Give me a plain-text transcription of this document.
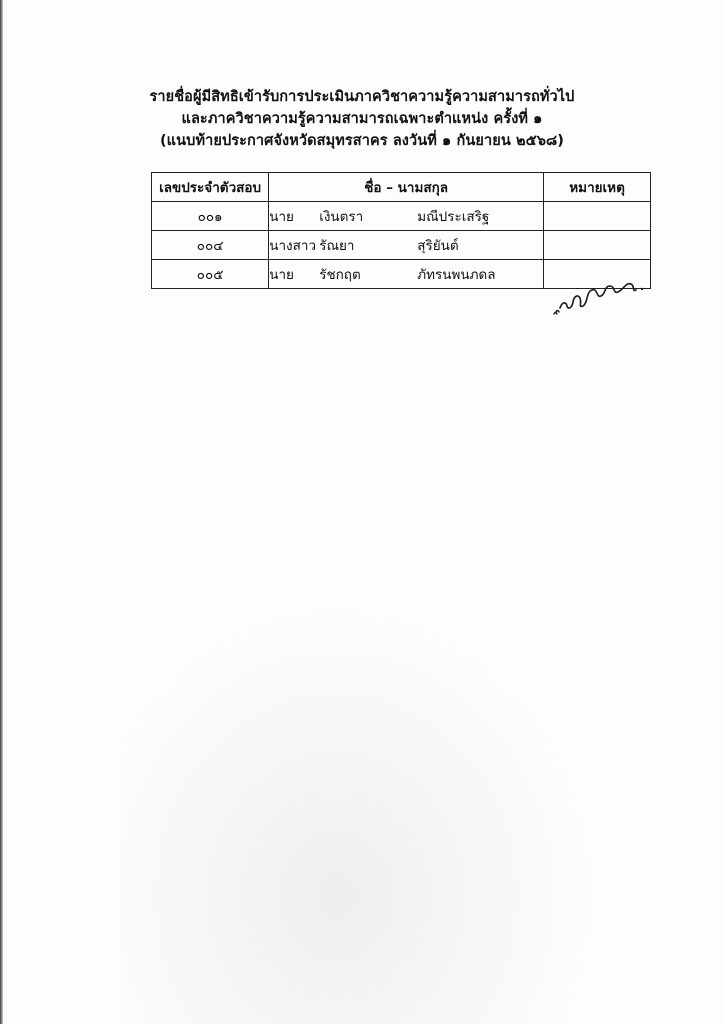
รายชื่อผู้มีสิทธิเข้ารับการประเมินภาควิชาความรู้ความสามารถทั่วไป
และภาควิชาความรู้ความสามารถเฉพาะตำแหน่ง ครั้งที่ ๑
(แนบท้ายประกาศจังหวัดสมุทรสาคร ลงวันที่ ๑ กันยายน ๒๕๖๘)
เลขประจำตัวสอบ	ชื่อ – นามสกุล	หมายเหตุ
๐๐๑	นาย เงินตรา มณีประเสริฐ	
๐๐๔	นางสาว รัณยา สุริยันต์	
๐๐๕	นาย รัชกฤต ภัทรนพนภดล	
